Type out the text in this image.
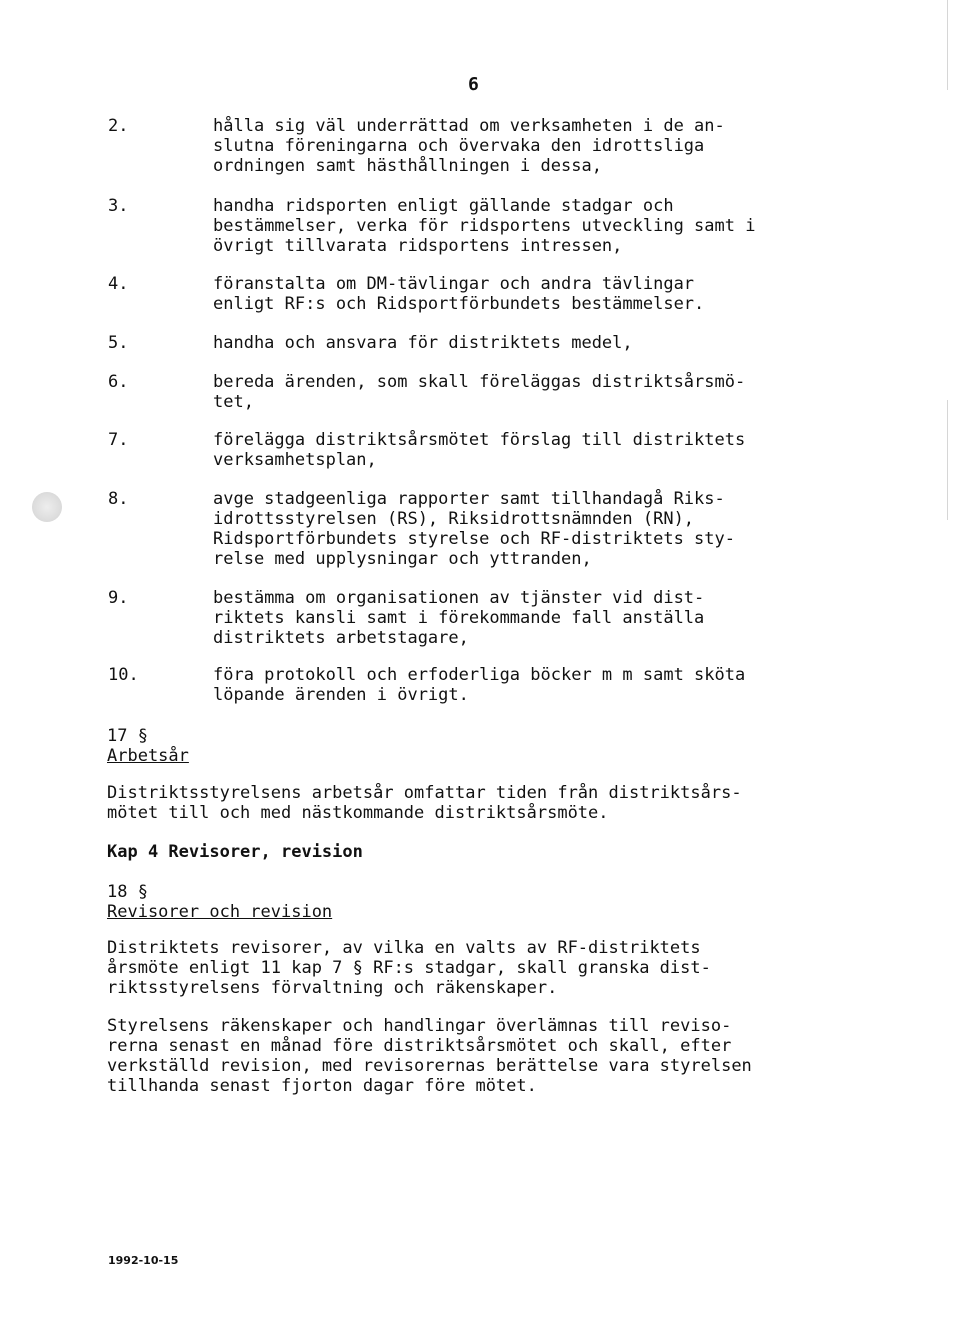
6
2.	hålla sig väl underrättad om verksamheten i de an-
slutna föreningarna och övervaka den idrottsliga
ordningen samt hästhållningen i dessa,
3.	handha ridsporten enligt gällande stadgar och
bestämmelser, verka för ridsportens utveckling samt i
övrigt tillvarata ridsportens intressen,
4.	föranstalta om DM-tävlingar och andra tävlingar
enligt RF:s och Ridsportförbundets bestämmelser.
5.	handha och ansvara för distriktets medel,
6.	bereda ärenden, som skall föreläggas distriktsårsmö-
tet,
7.	förelägga distriktsårsmötet förslag till distriktets
verksamhetsplan,
8.	avge stadgeenliga rapporter samt tillhandagå Riks-
idrottsstyrelsen (RS), Riksidrottsnämnden (RN),
Ridsportförbundets styrelse och RF-distriktets sty-
relse med upplysningar och yttranden,
9.	bestämma om organisationen av tjänster vid dist-
riktets kansli samt i förekommande fall anställa
distriktets arbetstagare,
10.	föra protokoll och erfoderliga böcker m m samt sköta
löpande ärenden i övrigt.
17 §
Arbetsår
Distriktsstyrelsens arbetsår omfattar tiden från distriktsårs-
mötet till och med nästkommande distriktsårsmöte.
Kap 4 Revisorer, revision
18 §
Revisorer och revision
Distriktets revisorer, av vilka en valts av RF-distriktets
årsmöte enligt 11 kap 7 § RF:s stadgar, skall granska dist-
riktsstyrelsens förvaltning och räkenskaper.
Styrelsens räkenskaper och handlingar överlämnas till reviso-
rerna senast en månad före distriktsårsmötet och skall, efter
verkställd revision, med revisorernas berättelse vara styrelsen
tillhanda senast fjorton dagar före mötet.
1992-10-15
